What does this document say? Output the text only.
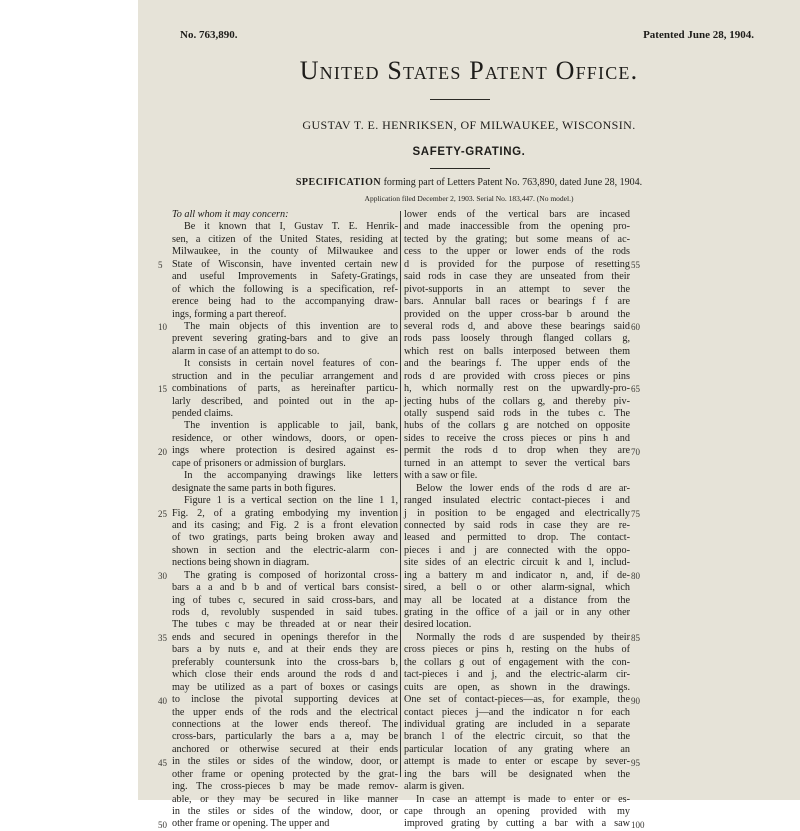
No. 763,890.	Patented June 28, 1904.
United States Patent Office.
GUSTAV T. E. HENRIKSEN, OF MILWAUKEE, WISCONSIN.
SAFETY-GRATING.
SPECIFICATION forming part of Letters Patent No. 763,890, dated June 28, 1904.
Application filed December 2, 1903. Serial No. 183,447. (No model.)
To all whom it may concern:
Be it known that I, Gustav T. E. Henrik-
sen, a citizen of the United States, residing at
Milwaukee, in the county of Milwaukee and
State of Wisconsin, have invented certain new
and useful Improvements in Safety-Gratings,
of which the following is a specification, ref-
erence being had to the accompanying draw-
ings, forming a part thereof.
The main objects of this invention are to
prevent severing grating-bars and to give an
alarm in case of an attempt to do so.
It consists in certain novel features of con-
struction and in the peculiar arrangement and
combinations of parts, as hereinafter particu-
larly described, and pointed out in the ap-
pended claims.
The invention is applicable to jail, bank,
residence, or other windows, doors, or open-
ings where protection is desired against es-
cape of prisoners or admission of burglars.
In the accompanying drawings like letters
designate the same parts in both figures.
Figure 1 is a vertical section on the line 1 1,
Fig. 2, of a grating embodying my invention
and its casing; and Fig. 2 is a front elevation
of two gratings, parts being broken away and
shown in section and the electric-alarm con-
nections being shown in diagram.
The grating is composed of horizontal cross-
bars a a and b b and of vertical bars consist-
ing of tubes c, secured in said cross-bars, and
rods d, revolubly suspended in said tubes.
The tubes c may be threaded at or near their
ends and secured in openings therefor in the
bars a by nuts e, and at their ends they are
preferably countersunk into the cross-bars b,
which close their ends around the rods d and
may be utilized as a part of boxes or casings
to inclose the pivotal supporting devices at
the upper ends of the rods and the electrical
connections at the lower ends thereof. The
cross-bars, particularly the bars a a, may be
anchored or otherwise secured at their ends
in the stiles or sides of the window, door, or
other frame or opening protected by the grat-
ing. The cross-pieces b may be made remov-
able, or they may be secured in like manner
in the stiles or sides of the window, door, or
other frame or opening. The upper and
lower ends of the vertical bars are incased
and made inaccessible from the opening pro-
tected by the grating; but some means of ac-
cess to the upper or lower ends of the rods
d is provided for the purpose of resetting
said rods in case they are unseated from their
pivot-supports in an attempt to sever the
bars. Annular ball races or bearings f f are
provided on the upper cross-bar b around the
several rods d, and above these bearings said
rods pass loosely through flanged collars g,
which rest on balls interposed between them
and the bearings f. The upper ends of the
rods d are provided with cross pieces or pins
h, which normally rest on the upwardly-pro-
jecting hubs of the collars g, and thereby piv-
otally suspend said rods in the tubes c. The
hubs of the collars g are notched on opposite
sides to receive the cross pieces or pins h and
permit the rods d to drop when they are
turned in an attempt to sever the vertical bars
with a saw or file.
Below the lower ends of the rods d are ar-
ranged insulated electric contact-pieces i and
j in position to be engaged and electrically
connected by said rods in case they are re-
leased and permitted to drop. The contact-
pieces i and j are connected with the oppo-
site sides of an electric circuit k and l, includ-
ing a battery m and indicator n, and, if de-
sired, a bell o or other alarm-signal, which
may all be located at a distance from the
grating in the office of a jail or in any other
desired location.
Normally the rods d are suspended by their
cross pieces or pins h, resting on the hubs of
the collars g out of engagement with the con-
tact-pieces i and j, and the electric-alarm cir-
cuits are open, as shown in the drawings.
One set of contact-pieces—as, for example, the
contact pieces j—and the indicator n for each
individual grating are included in a separate
branch l of the electric circuit, so that the
particular location of any grating where an
attempt is made to enter or escape by sever-
ing the bars will be designated when the
alarm is given.
In case an attempt is made to enter or es-
cape through an opening provided with my
improved grating by cutting a bar with a saw
5
10
15
20
25
30
35
40
45
50
55
60
65
70
75
80
85
90
95
100
